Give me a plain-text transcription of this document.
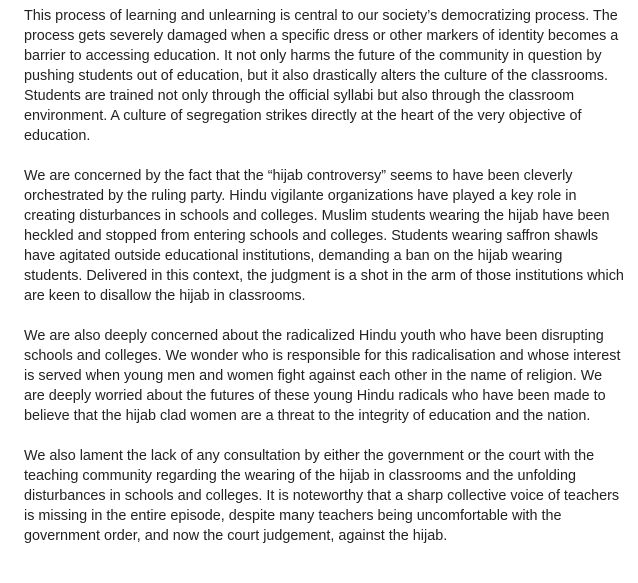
This process of learning and unlearning is central to our society’s democratizing process. The process gets severely damaged when a specific dress or other markers of identity becomes a barrier to accessing education. It not only harms the future of the community in question by pushing students out of education, but it also drastically alters the culture of the classrooms. Students are trained not only through the official syllabi but also through the classroom environment. A culture of segregation strikes directly at the heart of the very objective of education.

We are concerned by the fact that the “hijab controversy” seems to have been cleverly orchestrated by the ruling party. Hindu vigilante organizations have played a key role in creating disturbances in schools and colleges. Muslim students wearing the hijab have been heckled and stopped from entering schools and colleges. Students wearing saffron shawls have agitated outside educational institutions, demanding a ban on the hijab wearing students. Delivered in this context, the judgment is a shot in the arm of those institutions which are keen to disallow the hijab in classrooms.

We are also deeply concerned about the radicalized Hindu youth who have been disrupting schools and colleges. We wonder who is responsible for this radicalisation and whose interest is served when young men and women fight against each other in the name of religion. We are deeply worried about the futures of these young Hindu radicals who have been made to believe that the hijab clad women are a threat to the integrity of education and the nation.

We also lament the lack of any consultation by either the government or the court with the teaching community regarding the wearing of the hijab in classrooms and the unfolding disturbances in schools and colleges. It is noteworthy that a sharp collective voice of teachers is missing in the entire episode, despite many teachers being uncomfortable with the government order, and now the court judgement, against the hijab.
